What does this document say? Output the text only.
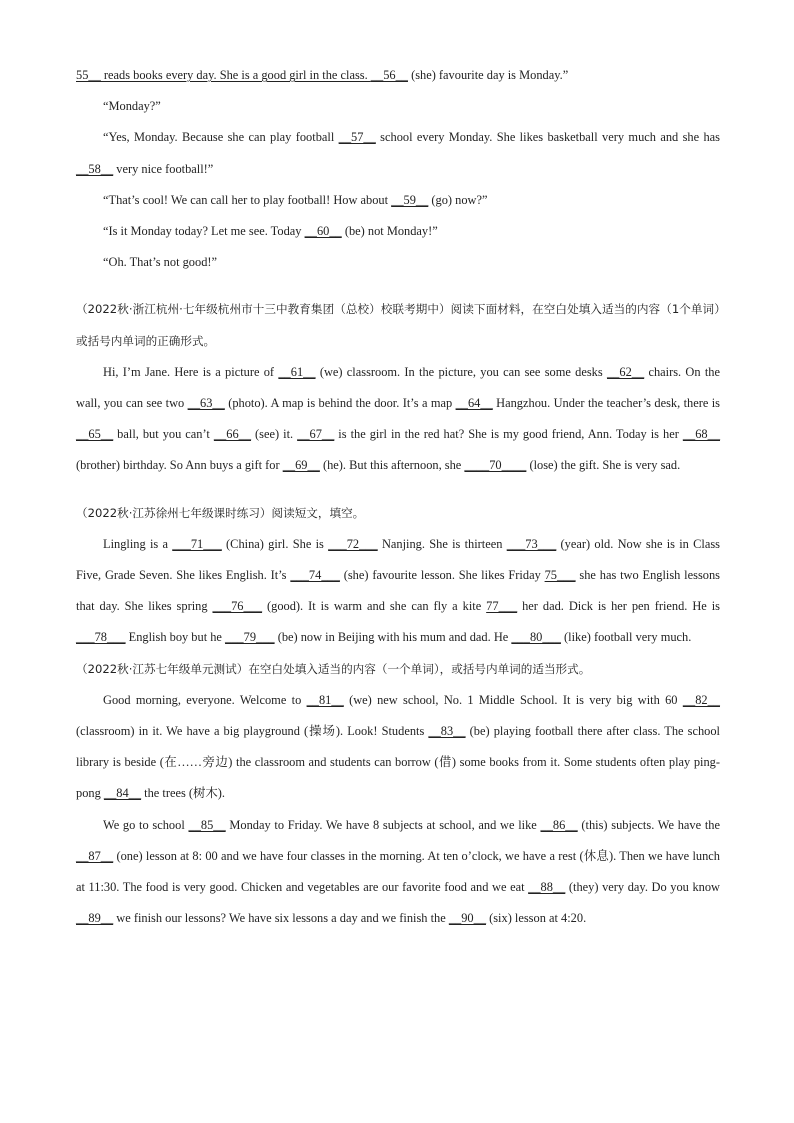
55__ reads books every day. She is a good girl in the class. __56__ (she) favourite day is Monday.”

“Monday?”

“Yes, Monday. Because she can play football __57__ school every Monday. She likes basketball very much and she has __58__ very nice football!”

“That’s cool! We can call her to play football! How about __59__ (go) now?”

“Is it Monday today? Let me see. Today __60__ (be) not Monday!”

“Oh. That’s not good!”

（2022秋·浙江杭州·七年级杭州市十三中教育集团（总校）校联考期中）阅读下面材料，在空白处填入适当的内容（1个单词）或括号内单词的正确形式。

Hi, I’m Jane. Here is a picture of __61__ (we) classroom. In the picture, you can see some desks __62__ chairs. On the wall, you can see two __63__ (photo). A map is behind the door. It’s a map __64__ Hangzhou. Under the teacher’s desk, there is __65__ ball, but you can’t __66__ (see) it. __67__ is the girl in the red hat? She is my good friend, Ann. Today is her __68__ (brother) birthday. So Ann buys a gift for __69__ (he). But this afternoon, she ____70____ (lose) the gift. She is very sad.

（2022秋·江苏徐州七年级课时练习）阅读短文，填空。

Lingling is a ___71___ (China) girl. She is ___72___ Nanjing. She is thirteen ___73___ (year) old. Now she is in Class Five, Grade Seven. She likes English. It’s ___74___ (she) favourite lesson. She likes Friday 75___ she has two English lessons that day. She likes spring ___76___ (good). It is warm and she can fly a kite 77___ her dad. Dick is her pen friend. He is ___78___ English boy but he ___79___ (be) now in Beijing with his mum and dad. He ___80___ (like) football very much.

（2022秋·江苏七年级单元测试）在空白处填入适当的内容（一个单词），或括号内单词的适当形式。

Good morning, everyone. Welcome to __81__ (we) new school, No. 1 Middle School. It is very big with 60 __82__ (classroom) in it. We have a big playground (操场). Look! Students __83__ (be) playing football there after class. The school library is beside (在……旁边) the classroom and students can borrow (借) some books from it. Some students often play ping-pong __84__ the trees (树木).

We go to school __85__ Monday to Friday. We have 8 subjects at school, and we like __86__ (this) subjects. We have the __87__ (one) lesson at 8: 00 and we have four classes in the morning. At ten o’clock, we have a rest (休息). Then we have lunch at 11:30. The food is very good. Chicken and vegetables are our favorite food and we eat __88__ (they) very day. Do you know __89__ we finish our lessons? We have six lessons a day and we finish the __90__ (six) lesson at 4:20.
